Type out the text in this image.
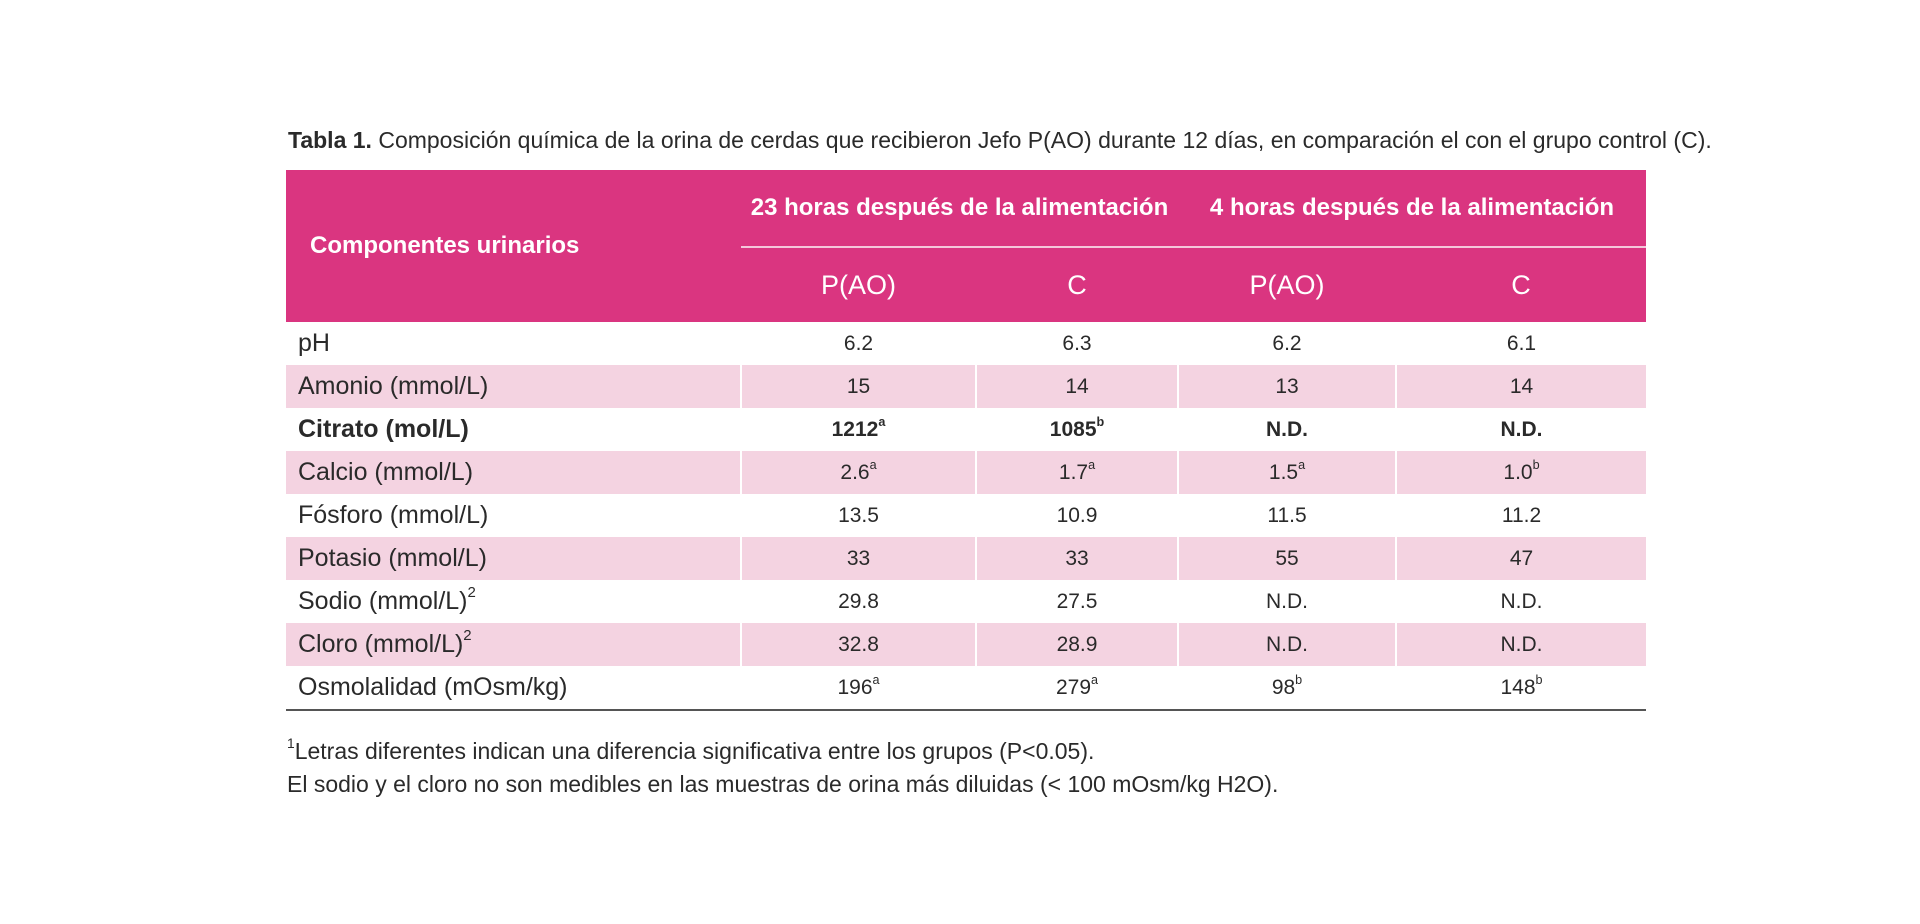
Tabla 1. Composición química de la orina de cerdas que recibieron Jefo P(AO) durante 12 días, en comparación el con el grupo control (C).

Componentes urinarios	23 horas después de la alimentación		4 horas después de la alimentación	
	P(AO)	C	P(AO)	C
pH	6.2	6.3	6.2	6.1
Amonio (mmol/L)	15	14	13	14
Citrato (mol/L)	1212$^a$	1085$^b$	N.D.	N.D.
Calcio (mmol/L)	2.6$^a$	1.7$^a$	1.5$^a$	1.0$^b$
Fósforo (mmol/L)	13.5	10.9	11.5	11.2
Potasio (mmol/L)	33	33	55	47
Sodio (mmol/L)$^2$	29.8	27.5	N.D.	N.D.
Cloro (mmol/L)$^2$	32.8	28.9	N.D.	N.D.
Osmolalidad (mOsm/kg)	196$^a$	279$^a$	98$^b$	148$^b$
$^1$Letras diferentes indican una diferencia significativa entre los grupos (P<0.05).
El sodio y el cloro no son medibles en las muestras de orina más diluidas (< 100 mOsm/kg H2O).
